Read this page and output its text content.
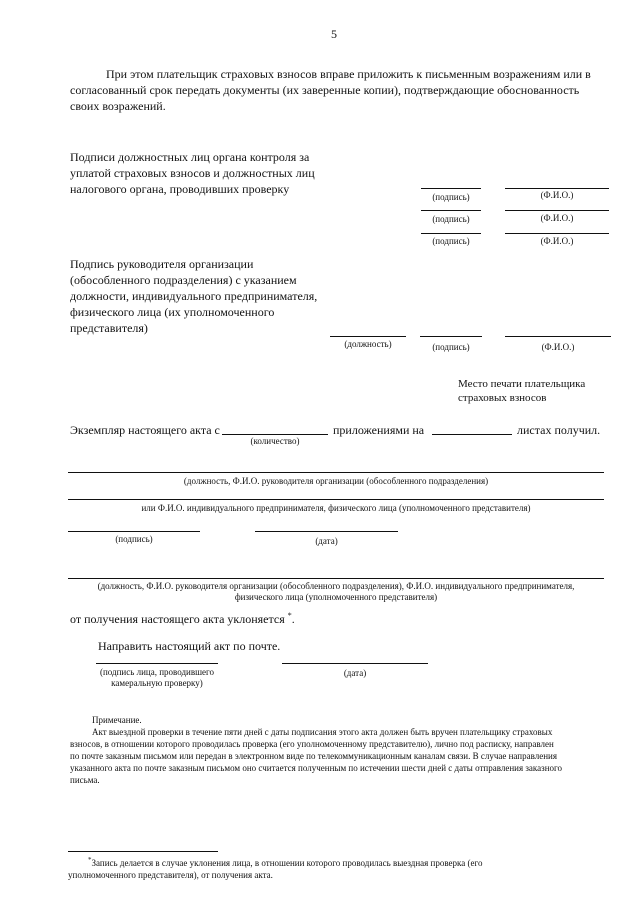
5
При этом плательщик страховых взносов вправе приложить к письменным возражениям или в
согласованный срок передать документы (их заверенные копии), подтверждающие обоснованность
своих возражений.
Подписи должностных лиц органа контроля за
уплатой страховых взносов и должностных лиц
налогового органа, проводивших проверку
(подпись)	(Ф.И.О.)
(подпись)	(Ф.И.О.)
(подпись)	(Ф.И.О.)
Подпись руководителя организации
(обособленного подразделения) с указанием
должности, индивидуального предпринимателя,
физического лица (их уполномоченного
представителя)
(должность)	(подпись)	(Ф.И.О.)
Место печати плательщика
страховых взносов
Экземпляр настоящего акта с
(количество)
приложениями на	листах получил.
(должность, Ф.И.О. руководителя организации (обособленного подразделения)
или Ф.И.О. индивидуального предпринимателя, физического лица (уполномоченного представителя)
(подпись)	(дата)
(должность, Ф.И.О. руководителя организации (обособленного подразделения), Ф.И.О. индивидуального предпринимателя,
физического лица (уполномоченного представителя)
от получения настоящего акта уклоняется *.
Направить настоящий акт по почте.
(подпись лица, проводившего
камеральную проверку)
(дата)
Примечание.
Акт выездной проверки в течение пяти дней с даты подписания этого акта должен быть вручен плательщику страховых
взносов, в отношении которого проводилась проверка (его уполномоченному представителю), лично под расписку, направлен
по почте заказным письмом или передан в электронном виде по телекоммуникационным каналам связи. В случае направления
указанного акта по почте заказным письмом оно считается полученным по истечении шести дней с даты отправления заказного
письма.
*Запись делается в случае уклонения лица, в отношении которого проводилась выездная проверка (его
уполномоченного представителя), от получения акта.
